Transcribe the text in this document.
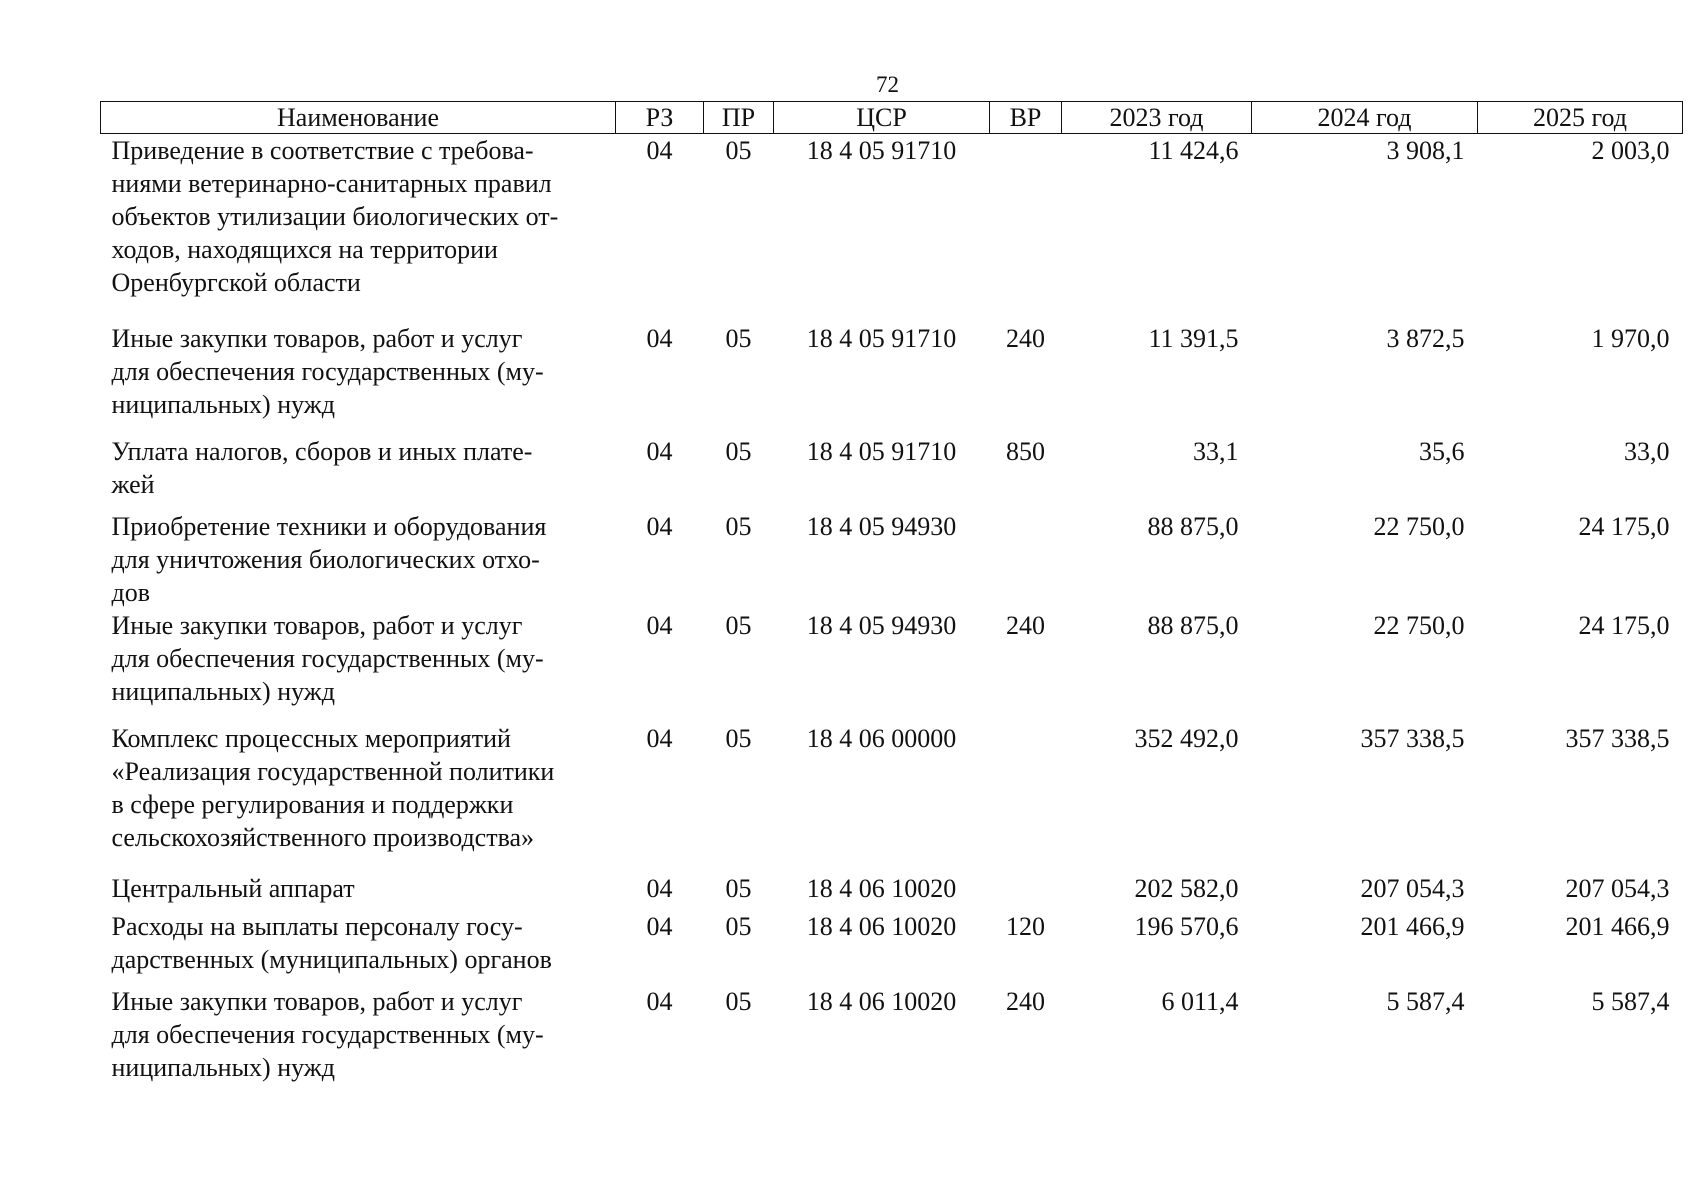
72
Наименование	РЗ	ПР	ЦСР	ВР	2023 год	2024 год	2025 год
Приведение в соответствие с требова-
ниями ветеринарно-санитарных правил
объектов утилизации биологических от-
ходов, находящихся на территории
Оренбургской области	04	05	18 4 05 91710		11 424,6	3 908,1	2 003,0
Иные закупки товаров, работ и услуг
для обеспечения государственных (му-
ниципальных) нужд	04	05	18 4 05 91710	240	11 391,5	3 872,5	1 970,0
Уплата налогов, сборов и иных плате-
жей	04	05	18 4 05 91710	850	33,1	35,6	33,0
Приобретение техники и оборудования
для уничтожения биологических отхо-
дов	04	05	18 4 05 94930		88 875,0	22 750,0	24 175,0
Иные закупки товаров, работ и услуг
для обеспечения государственных (му-
ниципальных) нужд	04	05	18 4 05 94930	240	88 875,0	22 750,0	24 175,0
Комплекс процессных мероприятий
«Реализация государственной политики
в сфере регулирования и поддержки
сельскохозяйственного производства»	04	05	18 4 06 00000		352 492,0	357 338,5	357 338,5
Центральный аппарат	04	05	18 4 06 10020		202 582,0	207 054,3	207 054,3
Расходы на выплаты персоналу госу-
дарственных (муниципальных) органов	04	05	18 4 06 10020	120	196 570,6	201 466,9	201 466,9
Иные закупки товаров, работ и услуг
для обеспечения государственных (му-
ниципальных) нужд	04	05	18 4 06 10020	240	6 011,4	5 587,4	5 587,4
